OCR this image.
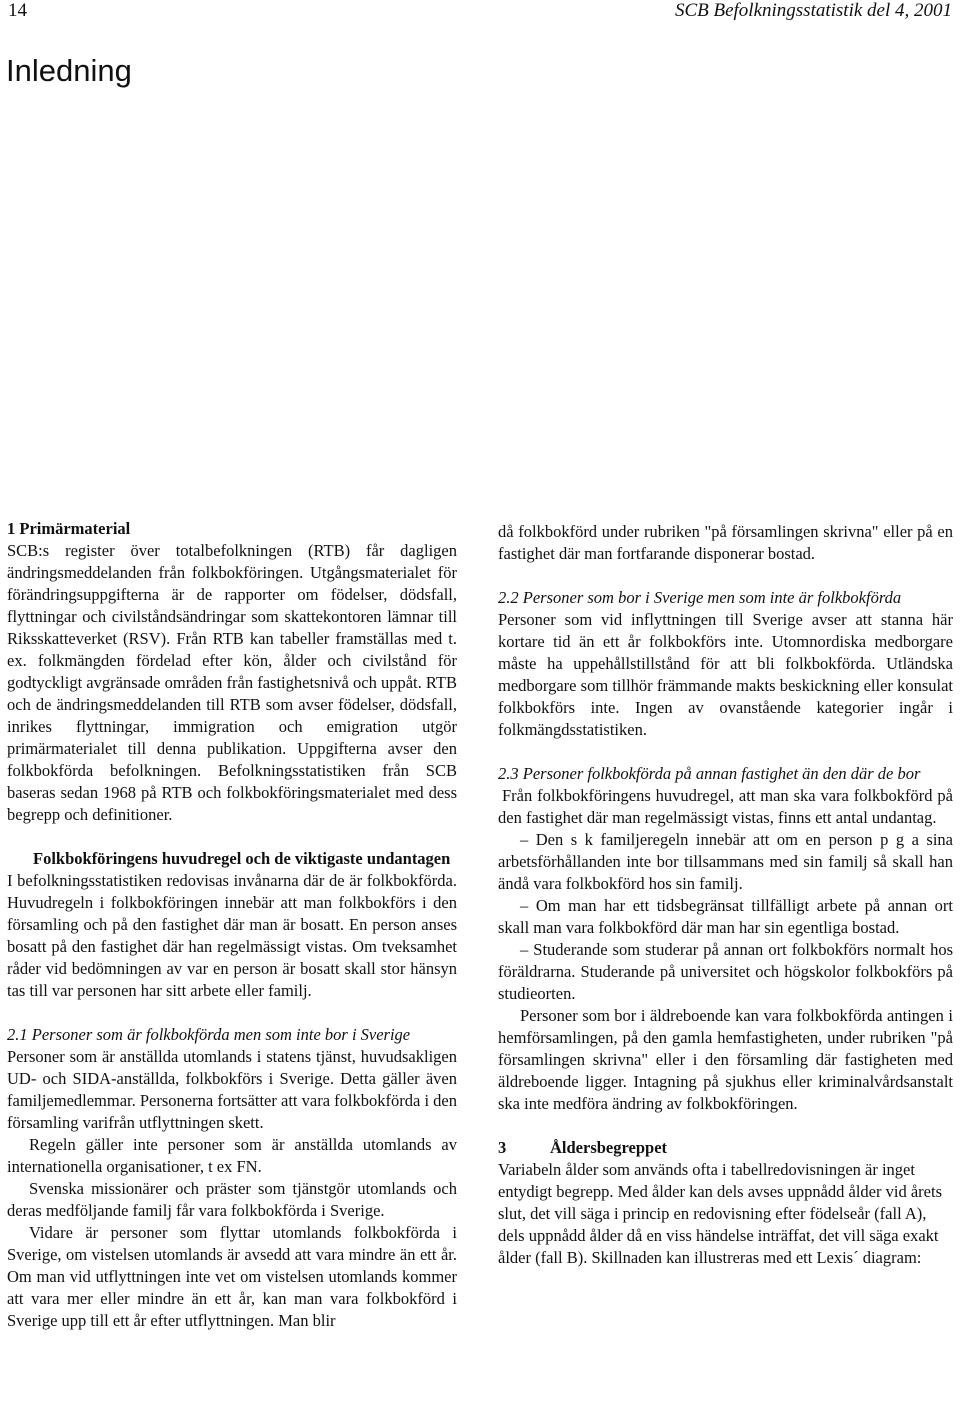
14	SCB Befolkningsstatistik del 4, 2001
Inledning
1 Primärmaterial

SCB:s register över totalbefolkningen (RTB) får dagligen ändringsmeddelanden från folkbokföringen. Utgångsmaterialet för förändringsuppgifterna är de rapporter om födelser, dödsfall, flyttningar och civilståndsändringar som skattekontoren lämnar till Riksskatteverket (RSV). Från RTB kan tabeller framställas med t. ex. folkmängden fördelad efter kön, ålder och civilstånd för godtyckligt avgränsade områden från fastighetsnivå och uppåt. RTB och de ändringsmeddelanden till RTB som avser födelser, dödsfall, inrikes flyttningar, immigration och emigration utgör primärmaterialet till denna publikation. Uppgifterna avser den folkbokförda befolkningen. Befolkningsstatistiken från SCB baseras sedan 1968 på RTB och folkbokföringsmaterialet med dess begrepp och definitioner.

Folkbokföringens huvudregel och de viktigaste undantagen

I befolkningsstatistiken redovisas invånarna där de är folkbokförda. Huvudregeln i folkbokföringen innebär att man folkbokförs i den församling och på den fastighet där man är bosatt. En person anses bosatt på den fastighet där han regelmässigt vistas. Om tveksamhet råder vid bedömningen av var en person är bosatt skall stor hänsyn tas till var personen har sitt arbete eller familj.

2.1 Personer som är folkbokförda men som inte bor i Sverige

Personer som är anställda utomlands i statens tjänst, huvudsakligen UD- och SIDA-anställda, folkbokförs i Sverige. Detta gäller även familjemedlemmar. Personerna fortsätter att vara folkbokförda i den församling varifrån utflyttningen skett.

Regeln gäller inte personer som är anställda utomlands av internationella organisationer, t ex FN.

Svenska missionärer och präster som tjänstgör utomlands och deras medföljande familj får vara folkbokförda i Sverige.

Vidare är personer som flyttar utomlands folkbokförda i Sverige, om vistelsen utomlands är avsedd att vara mindre än ett år. Om man vid utflyttningen inte vet om vistelsen utomlands kommer att vara mer eller mindre än ett år, kan man vara folkbokförd i Sverige upp till ett år efter utflyttningen. Man blir

då folkbokförd under rubriken "på församlingen skrivna" eller på en fastighet där man fortfarande disponerar bostad.

2.2 Personer som bor i Sverige men som inte är folkbokförda

Personer som vid inflyttningen till Sverige avser att stanna här kortare tid än ett år folkbokförs inte. Utomnordiska medborgare måste ha uppehållstillstånd för att bli folkbokförda. Utländska medborgare som tillhör främmande makts beskickning eller konsulat folkbokförs inte. Ingen av ovanstående kategorier ingår i folkmängdsstatistiken.

2.3 Personer folkbokförda på annan fastighet än den där de bor

Från folkbokföringens huvudregel, att man ska vara folkbokförd på den fastighet där man regelmässigt vistas, finns ett antal undantag.

– Den s k familjeregeln innebär att om en person p g a sina arbetsförhållanden inte bor tillsammans med sin familj så skall han ändå vara folkbokförd hos sin familj.

– Om man har ett tidsbegränsat tillfälligt arbete på annan ort skall man vara folkbokförd där man har sin egentliga bostad.

– Studerande som studerar på annan ort folkbokförs normalt hos föräldrarna. Studerande på universitet och högskolor folkbokförs på studieorten.

Personer som bor i äldreboende kan vara folkbokförda antingen i hemförsamlingen, på den gamla hemfastigheten, under rubriken "på församlingen skrivna" eller i den församling där fastigheten med äldreboende ligger. Intagning på sjukhus eller kriminalvårdsanstalt ska inte medföra ändring av folkbokföringen.

3	Åldersbegreppet

Variabeln ålder som används ofta i tabellredovisningen är inget entydigt begrepp. Med ålder kan dels avses uppnådd ålder vid årets slut, det vill säga i princip en redovisning efter födelseår (fall A), dels uppnådd ålder då en viss händelse inträffat, det vill säga exakt ålder (fall B). Skillnaden kan illustreras med ett Lexis´ diagram:
